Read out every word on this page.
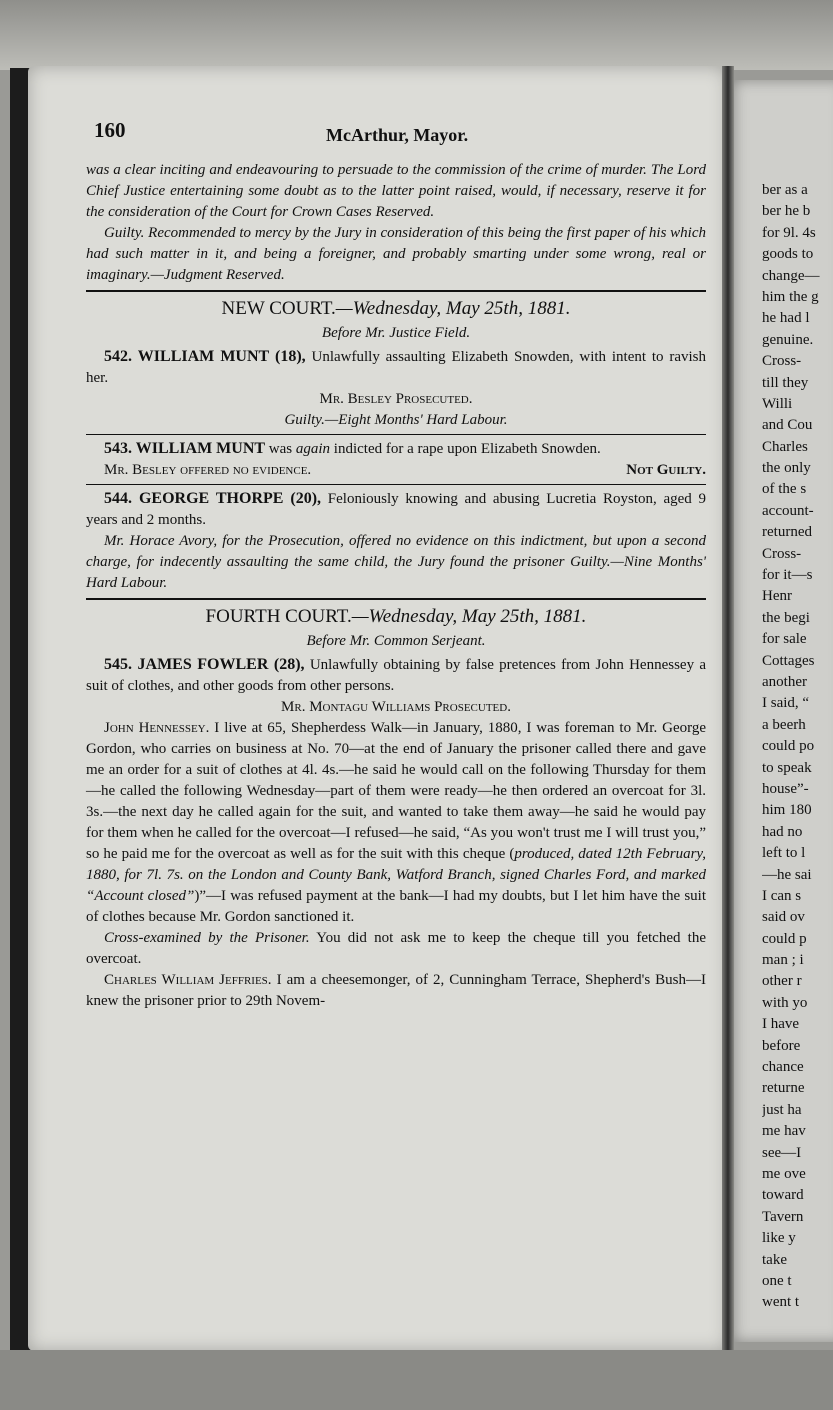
160	McArthur, Mayor.

was a clear inciting and endeavouring to persuade to the commission of the crime of murder. The Lord Chief Justice entertaining some doubt as to the latter point raised, would, if necessary, reserve it for the consideration of the Court for Crown Cases Reserved.

Guilty. Recommended to mercy by the Jury in consideration of this being the first paper of his which had such matter in it, and being a foreigner, and probably smarting under some wrong, real or imaginary.—Judgment Reserved.

NEW COURT.—Wednesday, May 25th, 1881.

Before Mr. Justice Field.

542. WILLIAM MUNT (18), Unlawfully assaulting Elizabeth Snowden, with intent to ravish her.

Mr. Besley Prosecuted.

Guilty.—Eight Months' Hard Labour.

543. WILLIAM MUNT was again indicted for a rape upon Elizabeth Snowden.

Mr. Besley offered no evidence.	Not Guilty.

544. GEORGE THORPE (20), Feloniously knowing and abusing Lucretia Royston, aged 9 years and 2 months.

Mr. Horace Avory, for the Prosecution, offered no evidence on this indictment, but upon a second charge, for indecently assaulting the same child, the Jury found the prisoner Guilty.—Nine Months' Hard Labour.

FOURTH COURT.—Wednesday, May 25th, 1881.

Before Mr. Common Serjeant.

545. JAMES FOWLER (28), Unlawfully obtaining by false pretences from John Hennessey a suit of clothes, and other goods from other persons.

Mr. Montagu Williams Prosecuted.

John Hennessey. I live at 65, Shepherdess Walk—in January, 1880, I was foreman to Mr. George Gordon, who carries on business at No. 70—at the end of January the prisoner called there and gave me an order for a suit of clothes at 4l. 4s.—he said he would call on the following Thursday for them—he called the following Wednesday—part of them were ready—he then ordered an overcoat for 3l. 3s.—the next day he called again for the suit, and wanted to take them away—he said he would pay for them when he called for the overcoat—I refused—he said, “As you won't trust me I will trust you,” so he paid me for the overcoat as well as for the suit with this cheque (produced, dated 12th February, 1880, for 7l. 7s. on the London and County Bank, Watford Branch, signed Charles Ford, and marked “Account closed”)”—I was refused payment at the bank—I had my doubts, but I let him have the suit of clothes because Mr. Gordon sanctioned it.

Cross-examined by the Prisoner. You did not ask me to keep the cheque till you fetched the overcoat.

Charles William Jeffries. I am a cheesemonger, of 2, Cunningham Terrace, Shepherd's Bush—I knew the prisoner prior to 29th Novem-

ber as a
ber he b
for 9l. 4s
goods to
change—
him the g
he had l
genuine.
Cross-
till they
Willi
and Cou
Charles
the only
of the s
account-
returned
Cross-
for it—s
Henr
the begi
for sale
Cottages
another
I said, “
a beerh
could po
to speak
house”-
him 180
had no
left to l
—he sai
I can s
said ov
could p
man ; i
other r
with yo
I have
before
chance
returne
just ha
me hav
see—I
me ove
toward
Tavern
like y
take
one t
went t
